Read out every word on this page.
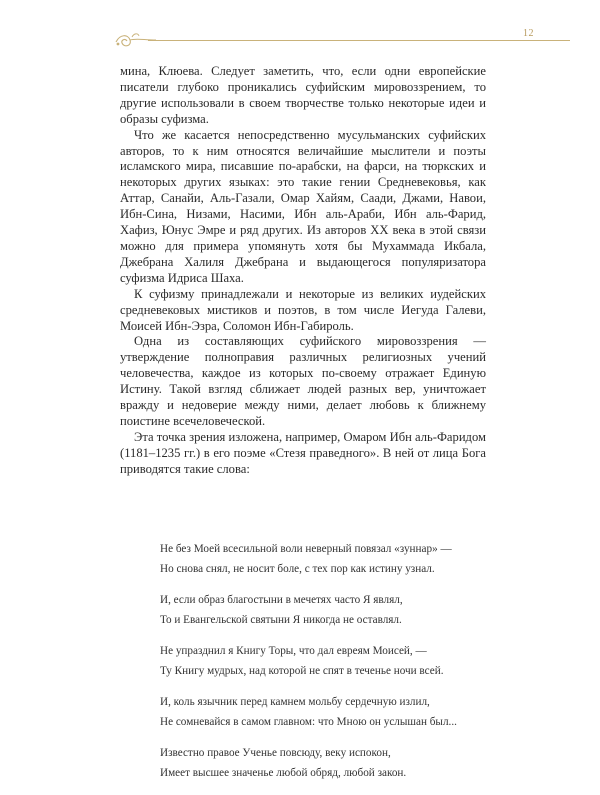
12

мина, Клюева. Следует заметить, что, если одни европейские писатели глубоко проникались суфийским мировоззрением, то другие использовали в своем творчестве только некоторые идеи и образы суфизма.

Что же касается непосредственно мусульманских суфийских авторов, то к ним относятся величайшие мыслители и поэты исламского мира, писавшие по-арабски, на фарси, на тюркских и некоторых других языках: это такие гении Средневековья, как Аттар, Санайи, Аль-Газали, Омар Хайям, Саади, Джами, Навои, Ибн-Сина, Низами, Насими, Ибн аль-Араби, Ибн аль-Фарид, Хафиз, Юнус Эмре и ряд других. Из авторов XX века в этой связи можно для примера упомянуть хотя бы Мухаммада Икбала, Джебрана Халиля Джебрана и выдающегося популяризатора суфизма Идриса Шаха.

К суфизму принадлежали и некоторые из великих иудейских средневековых мистиков и поэтов, в том числе Иегуда Галеви, Моисей Ибн-Эзра, Соломон Ибн-Габироль.

Одна из составляющих суфийского мировоззрения — утверждение полноправия различных религиозных учений человечества, каждое из которых по-своему отражает Единую Истину. Такой взгляд сближает людей разных вер, уничтожает вражду и недоверие между ними, делает любовь к ближнему поистине всечеловеческой.

Эта точка зрения изложена, например, Омаром Ибн аль-Фаридом (1181–1235 гг.) в его поэме «Стезя праведного». В ней от лица Бога приводятся такие слова:

Не без Моей всесильной воли неверный повязал «зуннар» —
Но снова снял, не носит боле, с тех пор как истину узнал.
И, если образ благостыни в мечетях часто Я являл,
То и Евангельской святыни Я никогда не оставлял.
Не упразднил я Книгу Торы, что дал евреям Моисей, —
Ту Книгу мудрых, над которой не спят в теченье ночи всей.
И, коль язычник перед камнем мольбу сердечную излил,
Не сомневайся в самом главном: что Мною он услышан был...
Известно правое Ученье повсюду, веку испокон,
Имеет высшее значенье любой обряд, любой закон.
